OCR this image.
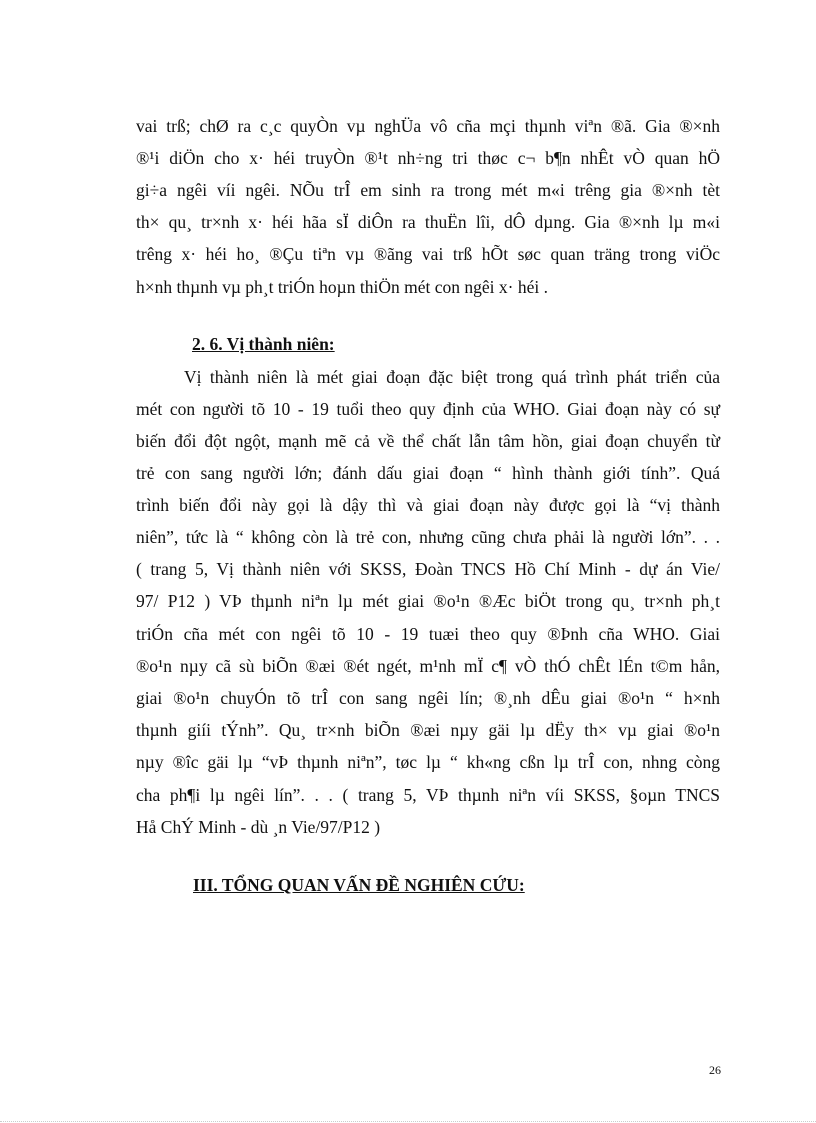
vai trß; chØ ra c¸c quyÒn vµ nghÜa vô cña mçi thµnh viªn ®ã. Gia ®×nh
®¹i diÖn cho x· héi truyÒn ®¹t nh÷ng tri thøc c¬ b¶n nhÊt vÒ quan hÖ
gi÷a ngêi víi ngêi. NÕu trÎ em sinh ra trong mét m«i trêng gia ®×nh tèt
th× qu¸ tr×nh x· héi hãa sÏ diÔn ra thuËn lîi, dÔ dµng. Gia ®×nh lµ m«i
trêng x· héi ho¸ ®Çu tiªn vµ ®ãng vai trß hÕt søc quan träng trong viÖc
h×nh thµnh vµ ph¸t triÓn hoµn thiÖn mét con ngêi x· héi .
2. 6. Vị thành niên:
Vị thành niên là mét giai đoạn đặc biệt trong quá trình phát triển của
mét con người tõ 10 - 19 tuổi theo quy định của WHO. Giai đoạn này có sự
biến đổi đột ngột, mạnh mẽ cả về thể chất lẫn tâm hồn, giai đoạn chuyển từ
trẻ con sang người lớn; đánh dấu giai đoạn “ hình thành giới tính”. Quá
trình biến đổi này gọi là dậy thì và giai đoạn này được gọi là “vị thành
niên”, tức là “ không còn là trẻ con, nhưng cũng chưa phải là người lớn”. . .
( trang 5, Vị thành niên với SKSS, Đoàn TNCS Hồ Chí Minh - dự án Vie/
97/ P12 ) VÞ thµnh niªn lµ mét giai ®o¹n ®Æc biÖt trong qu¸ tr×nh ph¸t
triÓn cña mét con ngêi tõ 10 - 19 tuæi theo quy ®Þnh cña WHO. Giai
®o¹n nµy cã sù biÕn ®æi ®ét ngét, m¹nh mÏ c¶ vÒ thÓ chÊt lÉn t©m hån,
giai ®o¹n chuyÓn tõ trÎ con sang ngêi lín; ®¸nh dÊu giai ®o¹n “ h×nh
thµnh giíi tÝnh”. Qu¸ tr×nh biÕn ®æi nµy gäi lµ dËy th× vµ giai ®o¹n
nµy ®îc gäi lµ “vÞ thµnh niªn”, tøc lµ “ kh«ng cßn lµ trÎ con, nhng còng
cha ph¶i lµ ngêi lín”. . . ( trang 5, VÞ thµnh niªn víi SKSS, §oµn TNCS
Hå ChÝ Minh - dù ¸n Vie/97/P12 )
III. TỔNG QUAN VẤN ĐỀ NGHIÊN CỨU:
26
